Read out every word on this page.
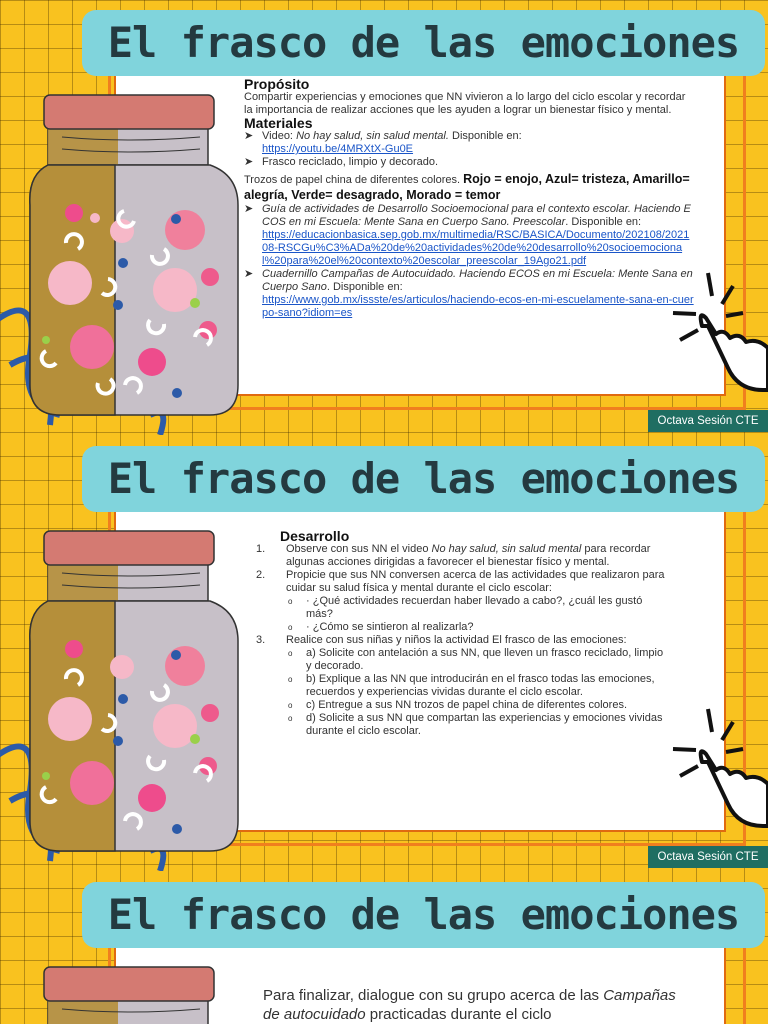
El frasco de las emociones
Propósito

Compartir experiencias y emociones que NN vivieron a lo largo del ciclo escolar y recordar la importancia de realizar acciones que les ayuden a lograr un bienestar físico y mental.

Materiales
➤ Video: No hay salud, sin salud mental. Disponible en:
https://youtu.be/4MRXtX-Gu0E
➤ Frasco reciclado, limpio y decorado.

Trozos de papel china de diferentes colores. Rojo = enojo, Azul= tristeza, Amarillo= alegría, Verde= desagrado, Morado = temor

➤ Guía de actividades de Desarrollo Socioemocional para el contexto escolar. Haciendo ECOS en mi Escuela: Mente Sana en Cuerpo Sano. Preescolar. Disponible en:
https://educacionbasica.sep.gob.mx/multimedia/RSC/BASICA/Documento/202108/202108-RSCGu%C3%ADa%20de%20actividades%20de%20desarrollo%20socioemocional%20para%20el%20contexto%20escolar_preescolar_19Ago21.pdf
➤ Cuadernillo Campañas de Autocuidado. Haciendo ECOS en mi Escuela: Mente Sana en Cuerpo Sano. Disponible en:
https://www.gob.mx/issste/es/articulos/haciendo-ecos-en-mi-escuelamente-sana-en-cuerpo-sano?idiom=es
Octava Sesión CTE
El frasco de las emociones
Desarrollo
1.	Observe con sus NN el video No hay salud, sin salud mental para recordar algunas acciones dirigidas a favorecer el bienestar físico y mental.
2.	Propicie que sus NN conversen acerca de las actividades que realizaron para cuidar su salud física y mental durante el ciclo escolar:
o	· ¿Qué actividades recuerdan haber llevado a cabo?, ¿cuál les gustó más?
o	· ¿Cómo se sintieron al realizarla?
3.	Realice con sus niñas y niños la actividad El frasco de las emociones:
o	a) Solicite con antelación a sus NN, que lleven un frasco reciclado, limpio y decorado.
o	b) Explique a las NN que introducirán en el frasco todas las emociones, recuerdos y experiencias vividas durante el ciclo escolar.
o	c) Entregue a sus NN trozos de papel china de diferentes colores.
o	d) Solicite a sus NN que compartan las experiencias y emociones vividas durante el ciclo escolar.
Octava Sesión CTE
El frasco de las emociones
Para finalizar, dialogue con su grupo acerca de las Campañas de autocuidado practicadas durante el ciclo
